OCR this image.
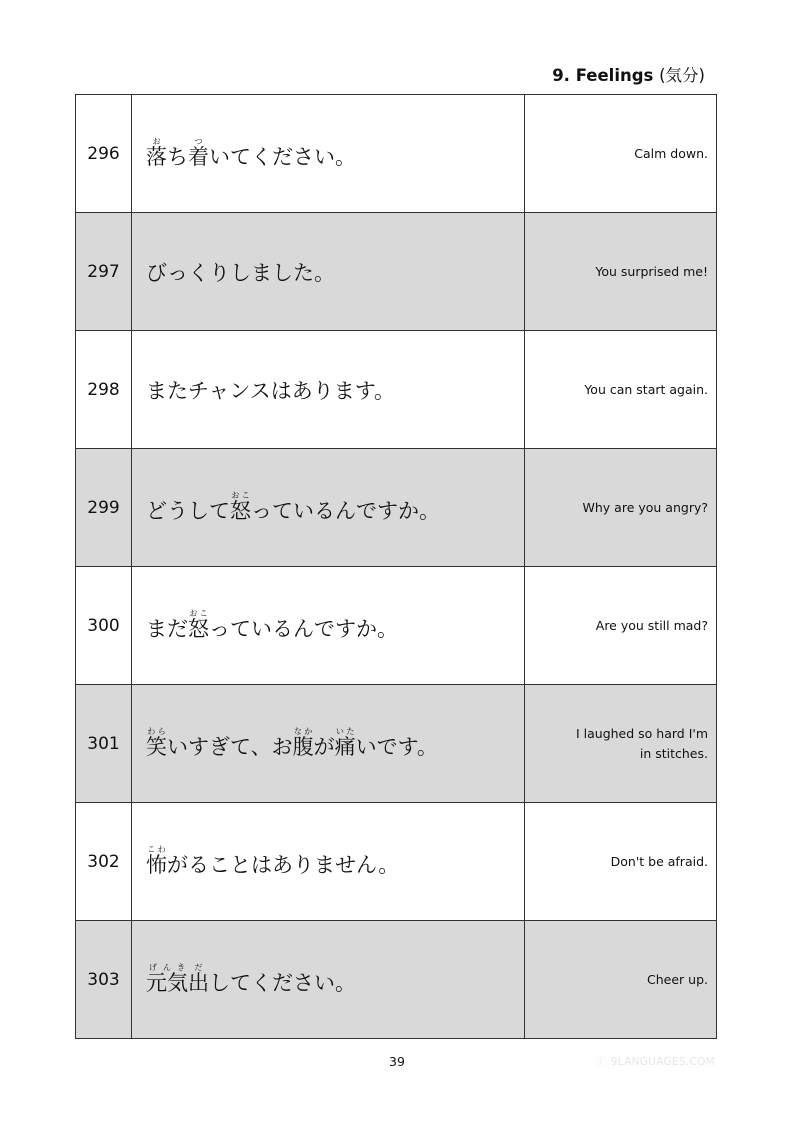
9. Feelings (気分)
296	落おち着ついてください。	Calm down.
297	びっくりしました。	You surprised me!
298	またチャンスはあります。	You can start again.
299	どうして怒おこっているんですか。	Why are you angry?
300	まだ怒おこっているんですか。	Are you still mad?
301	笑わらいすぎて、お腹なかが痛いたいです。	I laughed so hard I'm in stitches.
302	怖こわがることはありません。	Don't be afraid.
303	元気げんき出だしてください。	Cheer up.
39	ⓒ 9LANGUAGES.COM
